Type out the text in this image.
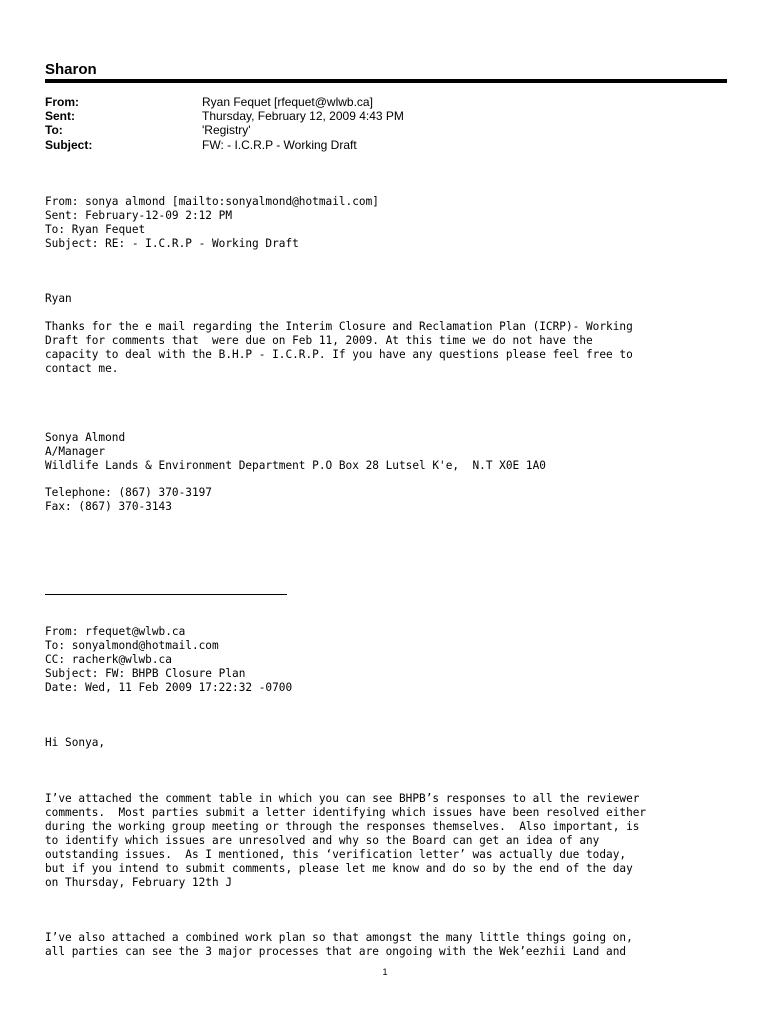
Sharon
From:	Ryan Fequet [rfequet@wlwb.ca]
Sent:	Thursday, February 12, 2009 4:43 PM
To:	'Registry'
Subject:	FW: - I.C.R.P - Working Draft
From: sonya almond [mailto:sonyalmond@hotmail.com]
Sent: February-12-09 2:12 PM
To: Ryan Fequet
Subject: RE: - I.C.R.P - Working Draft
Ryan
Thanks for the e mail regarding the Interim Closure and Reclamation Plan (ICRP)- Working
Draft for comments that  were due on Feb 11, 2009. At this time we do not have the
capacity to deal with the B.H.P - I.C.R.P. If you have any questions please feel free to
contact me.
Sonya Almond
A/Manager
Wildlife Lands & Environment Department P.O Box 28 Lutsel K'e,  N.T X0E 1A0
Telephone: (867) 370-3197
Fax: (867) 370-3143
From: rfequet@wlwb.ca
To: sonyalmond@hotmail.com
CC: racherk@wlwb.ca
Subject: FW: BHPB Closure Plan
Date: Wed, 11 Feb 2009 17:22:32 -0700
Hi Sonya,
I’ve attached the comment table in which you can see BHPB’s responses to all the reviewer
comments.  Most parties submit a letter identifying which issues have been resolved either
during the working group meeting or through the responses themselves.  Also important, is
to identify which issues are unresolved and why so the Board can get an idea of any
outstanding issues.  As I mentioned, this ‘verification letter’ was actually due today,
but if you intend to submit comments, please let me know and do so by the end of the day
on Thursday, February 12th J
I’ve also attached a combined work plan so that amongst the many little things going on,
all parties can see the 3 major processes that are ongoing with the Wek’eezhii Land and
1
